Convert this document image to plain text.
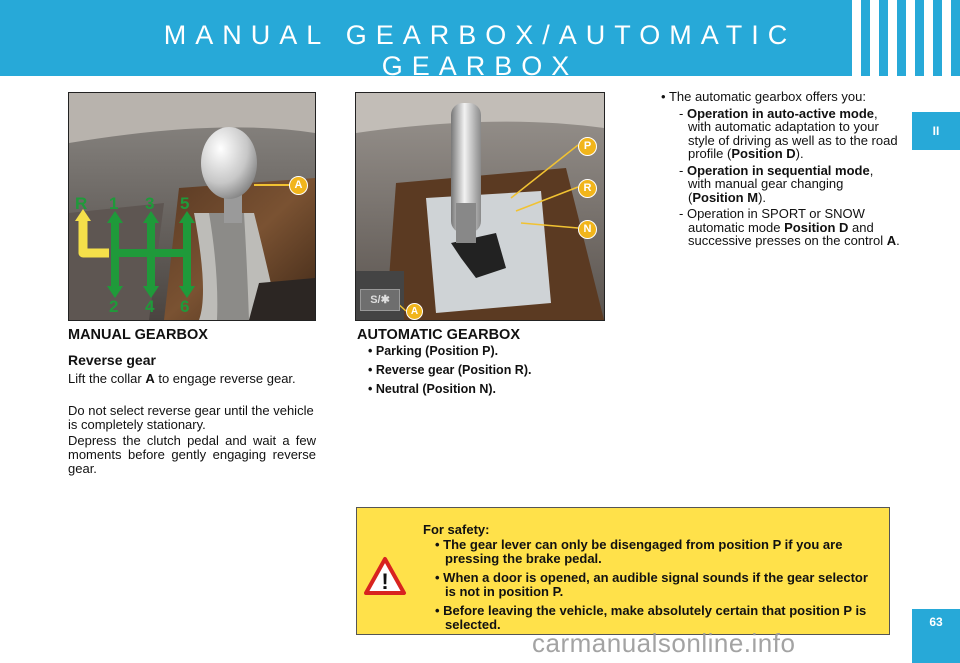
MANUAL GEARBOX/AUTOMATIC
GEARBOX
II
63
R 1 3 5
2 4 6
A
P
R
N
A
S/✱
MANUAL GEARBOX
Reverse gear

Lift the collar A to engage reverse gear.

Do not select reverse gear until the vehicle is completely stationary.

Depress the clutch pedal and wait a few moments before gently engaging reverse gear.

AUTOMATIC GEARBOX
• Parking (Position P).
• Reverse gear (Position R).
• Neutral (Position N).

• The automatic gearbox offers you:

- Operation in auto-active mode, with automatic adaptation to your style of driving as well as to the road profile (Position D).

- Operation in sequential mode, with manual gear changing (Position M).

- Operation in SPORT or SNOW automatic mode Position D and successive presses on the control A.

!
For safety:
• The gear lever can only be disengaged from position P if you are pressing the brake pedal.
• When a door is opened, an audible signal sounds if the gear selector is not in position P.
• Before leaving the vehicle, make absolutely certain that position P is selected.
carmanualsonline.info
